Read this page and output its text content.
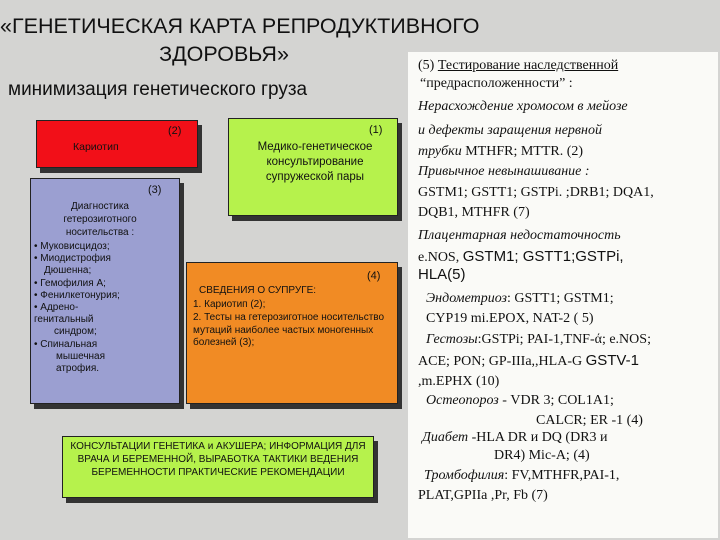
«ГЕНЕТИЧЕСКАЯ КАРТА РЕПРОДУКТИВНОГО
ЗДОРОВЬЯ»
минимизация генетического груза
(2)
Кариотип
(1)
Медико-генетическое консультирование супружеской пары
(3)
Диагностика гетерозиготного носительства :
• Муковисцидоз;
• Миодистрофия
Дюшенна;
• Гемофилия А;
• Фенилкетонурия;
• Адрено-
генитальный
синдром;
• Спинальная
мышечная
атрофия.
(4)
СВЕДЕНИЯ О СУПРУГЕ:
1. Кариотип (2);
2. Тесты на гетерозиготное носительство мутаций наиболее частых моногенных болезней (3);
КОНСУЛЬТАЦИИ ГЕНЕТИКА и АКУШЕРА; ИНФОРМАЦИЯ ДЛЯ ВРАЧА И БЕРЕМЕННОЙ, ВЫРАБОТКА ТАКТИКИ ВЕДЕНИЯ БЕРЕМЕННОСТИ ПРАКТИЧЕСКИЕ РЕКОМЕНДАЦИИ
(5) Тестирование наследственной
“предрасположенности” :
Нерасхождение хромосом в мейозе
и дефекты заращения нервной
трубки MTHFR; MTTR. (2)
Привычное невынашивание :
GSTM1; GSTT1; GSTPi. ;DRB1; DQA1,
DQB1, MTHFR (7)
Плацентарная недостаточность
e.NOS, GSTM1; GSTT1;GSTPi,
HLA(5)
Эндометриоз: GSTT1; GSTM1;
CYP19 mi.EPOX, NAT-2 ( 5)
Гестозы:GSTPi; PAI-1,TNF-ά; e.NOS;
ACE; PON; GP-IIIa,,HLA-G GSTV-1
,m.EPHX (10)
Остеопороз - VDR 3; COL1A1;
CALCR; ER -1 (4)
Диабет -HLA DR и DQ (DR3 и
DR4) Mic-A; (4)
Тромбофилия: FV,MTHFR,PAI-1,
PLAT,GPIIa ,Pr, Fb (7)
